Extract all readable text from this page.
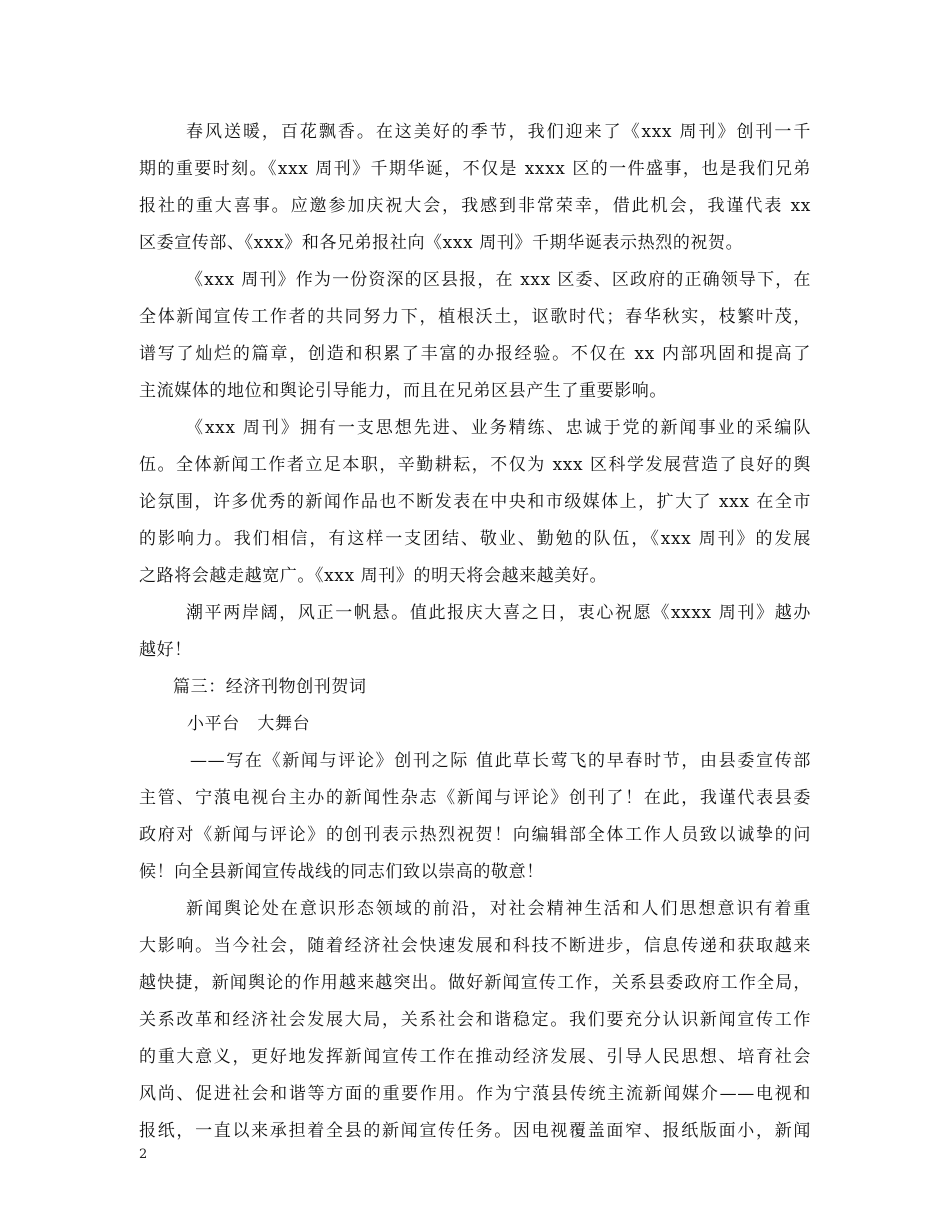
春风送暖，百花飘香。在这美好的季节，我们迎来了《xxx 周刊》创刊一千
期的重要时刻。《xxx 周刊》千期华诞，不仅是 xxxx 区的一件盛事，也是我们兄弟
报社的重大喜事。应邀参加庆祝大会，我感到非常荣幸，借此机会，我谨代表 xx
区委宣传部、《xxx》和各兄弟报社向《xxx 周刊》千期华诞表示热烈的祝贺。
《xxx 周刊》作为一份资深的区县报，在 xxx 区委、区政府的正确领导下，在
全体新闻宣传工作者的共同努力下，植根沃土，讴歌时代；春华秋实，枝繁叶茂，
谱写了灿烂的篇章，创造和积累了丰富的办报经验。不仅在 xx 内部巩固和提高了
主流媒体的地位和舆论引导能力，而且在兄弟区县产生了重要影响。
《xxx 周刊》拥有一支思想先进、业务精练、忠诚于党的新闻事业的采编队
伍。全体新闻工作者立足本职，辛勤耕耘，不仅为 xxx 区科学发展营造了良好的舆
论氛围，许多优秀的新闻作品也不断发表在中央和市级媒体上，扩大了 xxx 在全市
的影响力。我们相信，有这样一支团结、敬业、勤勉的队伍，《xxx 周刊》的发展
之路将会越走越宽广。《xxx 周刊》的明天将会越来越美好。
潮平两岸阔，风正一帆悬。值此报庆大喜之日，衷心祝愿《xxxx 周刊》越办
越好！
篇三：经济刊物创刊贺词
小平台　大舞台
——写在《新闻与评论》创刊之际 值此草长莺飞的早春时节，由县委宣传部
主管、宁蒗电视台主办的新闻性杂志《新闻与评论》创刊了！在此，我谨代表县委
政府对《新闻与评论》的创刊表示热烈祝贺！向编辑部全体工作人员致以诚挚的问
候！向全县新闻宣传战线的同志们致以崇高的敬意！
新闻舆论处在意识形态领域的前沿，对社会精神生活和人们思想意识有着重
大影响。当今社会，随着经济社会快速发展和科技不断进步，信息传递和获取越来
越快捷，新闻舆论的作用越来越突出。做好新闻宣传工作，关系县委政府工作全局，
关系改革和经济社会发展大局，关系社会和谐稳定。我们要充分认识新闻宣传工作
的重大意义，更好地发挥新闻宣传工作在推动经济发展、引导人民思想、培育社会
风尚、促进社会和谐等方面的重要作用。作为宁蒗县传统主流新闻媒介——电视和
报纸，一直以来承担着全县的新闻宣传任务。因电视覆盖面窄、报纸版面小，新闻
2
